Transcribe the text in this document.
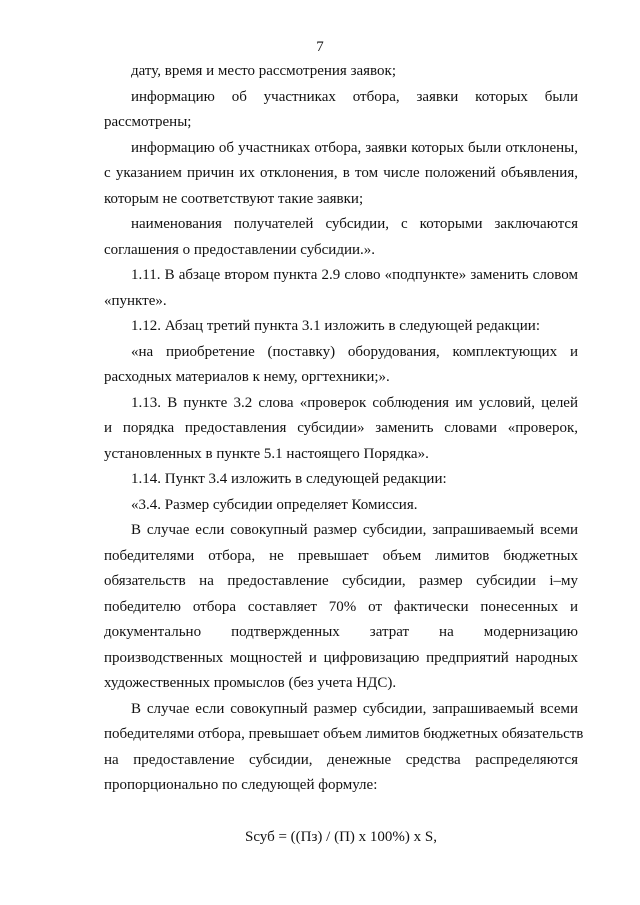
7
дату, время и место рассмотрения заявок;
информацию об участниках отбора, заявки которых были
рассмотрены;
информацию об участниках отбора, заявки которых были отклонены,
с указанием причин их отклонения, в том числе положений объявления,
которым не соответствуют такие заявки;
наименования получателей субсидии, с которыми заключаются
соглашения о предоставлении субсидии.».
1.11. В абзаце втором пункта 2.9 слово «подпункте» заменить словом
«пункте».
1.12. Абзац третий пункта 3.1 изложить в следующей редакции:
«на приобретение (поставку) оборудования, комплектующих и
расходных материалов к нему, оргтехники;».
1.13. В пункте 3.2 слова «проверок соблюдения им условий, целей
и порядка предоставления субсидии» заменить словами «проверок,
установленных в пункте 5.1 настоящего Порядка».
1.14. Пункт 3.4 изложить в следующей редакции:
«3.4. Размер субсидии определяет Комиссия.
В случае если совокупный размер субсидии, запрашиваемый всеми
победителями отбора, не превышает объем лимитов бюджетных
обязательств на предоставление субсидии, размер субсидии i–му
победителю отбора составляет 70% от фактически понесенных и
документально подтвержденных затрат на модернизацию
производственных мощностей и цифровизацию предприятий народных
художественных промыслов (без учета НДС).
В случае если совокупный размер субсидии, запрашиваемый всеми
победителями отбора, превышает объем лимитов бюджетных обязательств
на предоставление субсидии, денежные средства распределяются
пропорционально по следующей формуле:
Sсуб = ((Пз) / (П) x 100%) x S,
